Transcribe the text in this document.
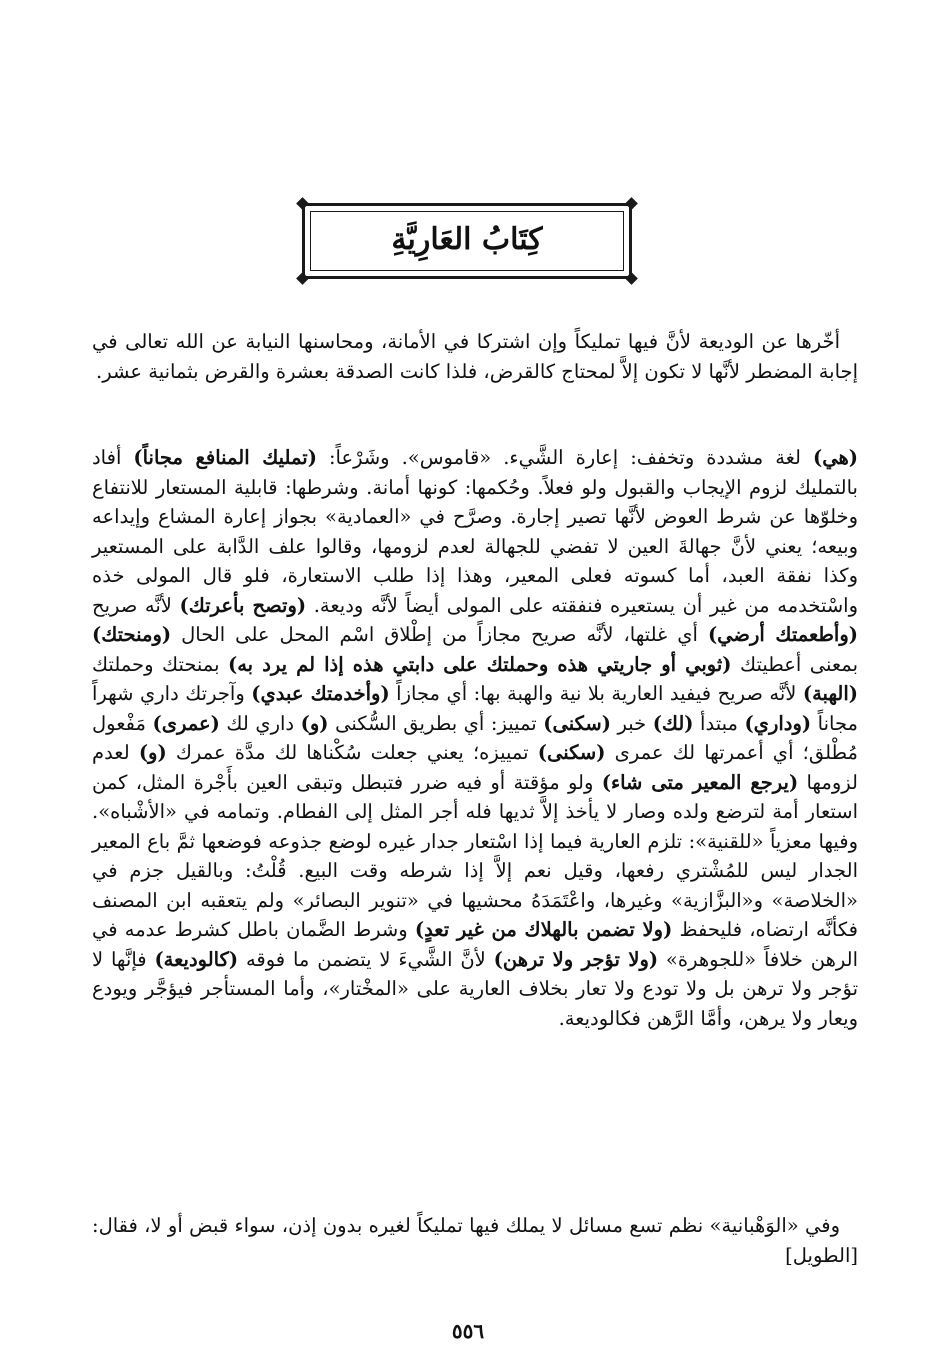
كِتَابُ العَارِيَّةِ

أخّرها عن الوديعة لأنَّ فيها تمليكاً وإن اشتركا في الأمانة، ومحاسنها النيابة عن الله تعالى في إجابة المضطر لأنَّها لا تكون إلاَّ لمحتاج كالقرض، فلذا كانت الصدقة بعشرة والقرض بثمانية عشر.

(هي) لغة مشددة وتخفف: إعارة الشَّيء. «قاموس». وشَرْعاً: (تمليك المنافع مجاناً) أفاد بالتمليك لزوم الإيجاب والقبول ولو فعلاً. وحُكمها: كونها أمانة. وشرطها: قابلية المستعار للانتفاع وخلوّها عن شرط العوض لأنَّها تصير إجارة. وصرَّح في «العمادية» بجواز إعارة المشاع وإيداعه وبيعه؛ يعني لأنَّ جهالةَ العين لا تفضي للجهالة لعدم لزومها، وقالوا علف الدَّابة على المستعير وكذا نفقة العبد، أما كسوته فعلى المعير، وهذا إذا طلب الاستعارة، فلو قال المولى خذه واسْتخدمه من غير أن يستعيره فنفقته على المولى أيضاً لأنَّه وديعة. (وتصح بأعرتك) لأنَّه صريح (وأطعمتك أرضي) أي غلتها، لأنَّه صريح مجازاً من إطْلاق اسْم المحل على الحال (ومنحتك) بمعنى أعطيتك (ثوبي أو جاريتي هذه وحملتك على دابتي هذه إذا لم يرد به) بمنحتك وحملتك (الهبة) لأنَّه صريح فيفيد العارية بلا نية والهبة بها: أي مجازاً (وأخدمتك عبدي) وآجرتك داري شهراً مجاناً (وداري) مبتدأ (لك) خبر (سكنى) تمييز: أي بطريق السُّكنى (و) داري لك (عمرى) مَفْعول مُطْلق؛ أي أعمرتها لك عمرى (سكنى) تمييزه؛ يعني جعلت سُكْناها لك مدَّة عمرك (و) لعدم لزومها (يرجع المعير متى شاء) ولو مؤقتة أو فيه ضرر فتبطل وتبقى العين بأَجْرة المثل، كمن استعار أمة لترضع ولده وصار لا يأخذ إلاَّ ثديها فله أجر المثل إلى الفطام. وتمامه في «الأشْباه». وفيها معزياً «للقنية»: تلزم العارية فيما إذا اسْتعار جدار غيره لوضع جذوعه فوضعها ثمَّ باع المعير الجدار ليس للمُشْتري رفعها، وقيل نعم إلاَّ إذا شرطه وقت البيع. قُلْتُ: وبالقيل جزم في «الخلاصة» و«البزَّازية» وغيرها، واعْتَمَدَهُ محشيها في «تنوير البصائر» ولم يتعقبه ابن المصنف فكأنَّه ارتضاه، فليحفظ (ولا تضمن بالهلاك من غير تعدٍ) وشرط الضَّمان باطل كشرط عدمه في الرهن خلافاً «للجوهرة» (ولا تؤجر ولا ترهن) لأنَّ الشَّيءَ لا يتضمن ما فوقه (كالوديعة) فإنَّها لا تؤجر ولا ترهن بل ولا تودع ولا تعار بخلاف العارية على «المخْتار»، وأما المستأجر فيؤجَّر ويودع ويعار ولا يرهن، وأمَّا الرَّهن فكالوديعة.

وفي «الوَهْبانية» نظم تسع مسائل لا يملك فيها تمليكاً لغيره بدون إذن، سواء قبض أو لا، فقال: [الطويل]

٥٥٦
